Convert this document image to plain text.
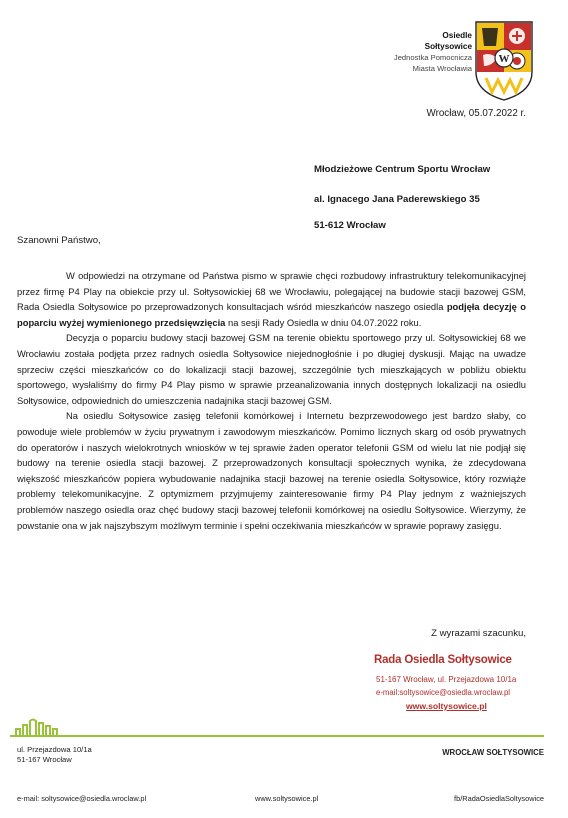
Osiedle
Sołtysowice
Jednostka Pomocnicza
Miasta Wrocławia
W
Wrocław, 05.07.2022 r.
Młodzieżowe Centrum Sportu Wrocław
al. Ignacego Jana Paderewskiego 35
51-612 Wrocław
Szanowni Państwo,

W odpowiedzi na otrzymane od Państwa pismo w sprawie chęci rozbudowy infrastruktury telekomunikacyjnej przez firmę P4 Play na obiekcie przy ul. Sołtysowickiej 68 we Wrocławiu, polegającej na budowie stacji bazowej GSM, Rada Osiedla Sołtysowice po przeprowadzonych konsultacjach wśród mieszkańców naszego osiedla podjęła decyzję o poparciu wyżej wymienionego przedsięwzięcia na sesji Rady Osiedla w dniu 04.07.2022 roku.

Decyzja o poparciu budowy stacji bazowej GSM na terenie obiektu sportowego przy ul. Sołtysowickiej 68 we Wrocławiu została podjęta przez radnych osiedla Sołtysowice niejednogłośnie i po długiej dyskusji. Mając na uwadze sprzeciw części mieszkańców co do lokalizacji stacji bazowej, szczególnie tych mieszkających w pobliżu obiektu sportowego, wysłaliśmy do firmy P4 Play pismo w sprawie przeanalizowania innych dostępnych lokalizacji na osiedlu Sołtysowice, odpowiednich do umieszczenia nadajnika stacji bazowej GSM.

Na osiedlu Sołtysowice zasięg telefonii komórkowej i Internetu bezprzewodowego jest bardzo słaby, co powoduje wiele problemów w życiu prywatnym i zawodowym mieszkańców. Pomimo licznych skarg od osób prywatnych do operatorów i naszych wielokrotnych wniosków w tej sprawie żaden operator telefonii GSM od wielu lat nie podjął się budowy na terenie osiedla stacji bazowej. Z przeprowadzonych konsultacji społecznych wynika, że zdecydowana większość mieszkańców popiera wybudowanie nadajnika stacji bazowej na terenie osiedla Sołtysowice, który rozwiąże problemy telekomunikacyjne. Z optymizmem przyjmujemy zainteresowanie firmy P4 Play jednym z ważniejszych problemów naszego osiedla oraz chęć budowy stacji bazowej telefonii komórkowej na osiedlu Sołtysowice. Wierzymy, że powstanie ona w jak najszybszym możliwym terminie i spełni oczekiwania mieszkańców w sprawie poprawy zasięgu.

Z wyrazami szacunku,
Rada Osiedla Sołtysowice
51-167 Wrocław, ul. Przejazdowa 10/1a
e-mail:soltysowice@osiedla.wroclaw.pl
www.soltysowice.pl
ul. Przejazdowa 10/1a
51-167 Wrocław
WROCŁAW SOŁTYSOWICE
e-mail: soltysowice@osiedla.wroclaw.pl	www.soltysowice.pl	fb/RadaOsiedlaSoltysowice
